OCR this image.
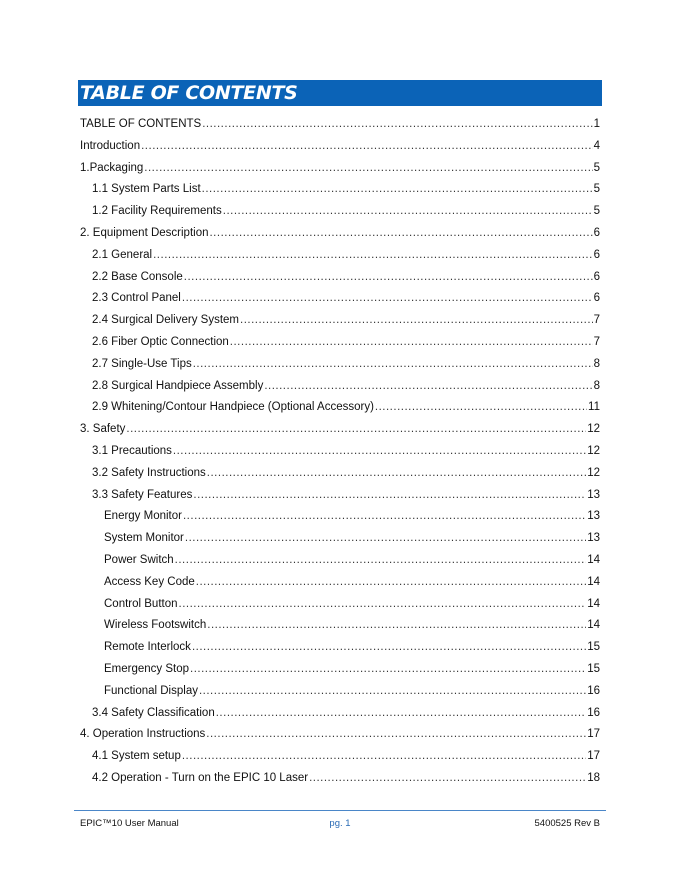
TABLE OF CONTENTS
TABLE OF CONTENTS .....	1
Introduction .....	4
1.Packaging .....	5
1.1 System Parts List .....	5
1.2 Facility Requirements .....	5
2. Equipment Description .....	6
2.1 General .....	6
2.2 Base Console .....	6
2.3 Control Panel .....	6
2.4 Surgical Delivery System .....	7
2.6 Fiber Optic Connection .....	7
2.7 Single-Use Tips .....	8
2.8 Surgical Handpiece Assembly .....	8
2.9 Whitening/Contour Handpiece (Optional Accessory) .....	11
3. Safety .....	12
3.1 Precautions .....	12
3.2 Safety Instructions .....	12
3.3 Safety Features .....	13
Energy Monitor .....	13
System Monitor .....	13
Power Switch .....	14
Access Key Code .....	14
Control Button .....	14
Wireless Footswitch .....	14
Remote Interlock .....	15
Emergency Stop .....	15
Functional Display .....	16
3.4 Safety Classification .....	16
4. Operation Instructions .....	17
4.1 System setup .....	17
4.2 Operation - Turn on the EPIC 10 Laser .....	18
EPIC™10 User Manual	pg. 1	5400525 Rev B
